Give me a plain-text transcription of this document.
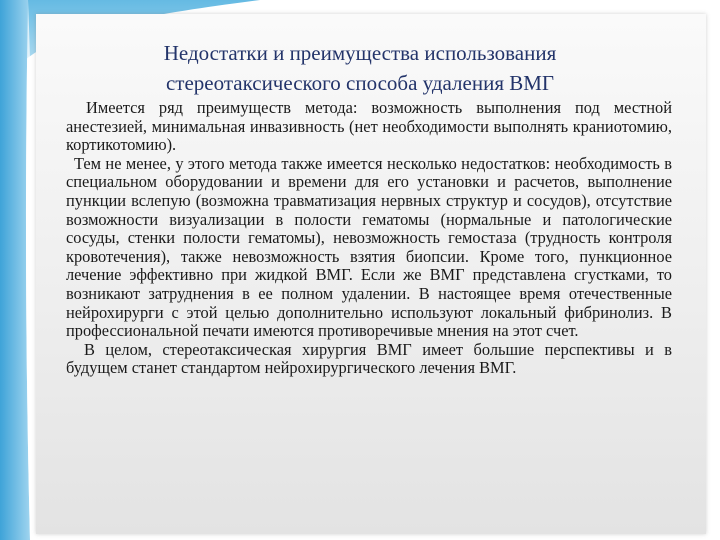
Недостатки и преимущества использования
стереотаксического способа удаления ВМГ

Имеется ряд преимуществ метода: возможность выполнения под местной анестезией, минимальная инвазивность (нет необходимости выполнять краниотомию, кортикотомию).

Тем не менее, у этого метода также имеется несколько недостатков: необходимость в специальном оборудовании и времени для его установки и расчетов, выполнение пункции вслепую (возможна травматизация нервных структур и сосудов), отсутствие возможности визуализации в полости гематомы (нормальные и патологические сосуды, стенки полости гематомы), невозможность гемостаза (трудность контроля кровотечения), также невозможность взятия биопсии. Кроме того, пункционное лечение эффективно при жидкой ВМГ. Если же ВМГ представлена сгустками, то возникают затруднения в ее полном удалении. В настоящее время отечественные нейрохирурги с этой целью дополнительно используют локальный фибринолиз. В профессиональной печати имеются противоречивые мнения на этот счет.

В целом, стереотаксическая хирургия ВМГ имеет большие перспективы и в будущем станет стандартом нейрохирургического лечения ВМГ.
